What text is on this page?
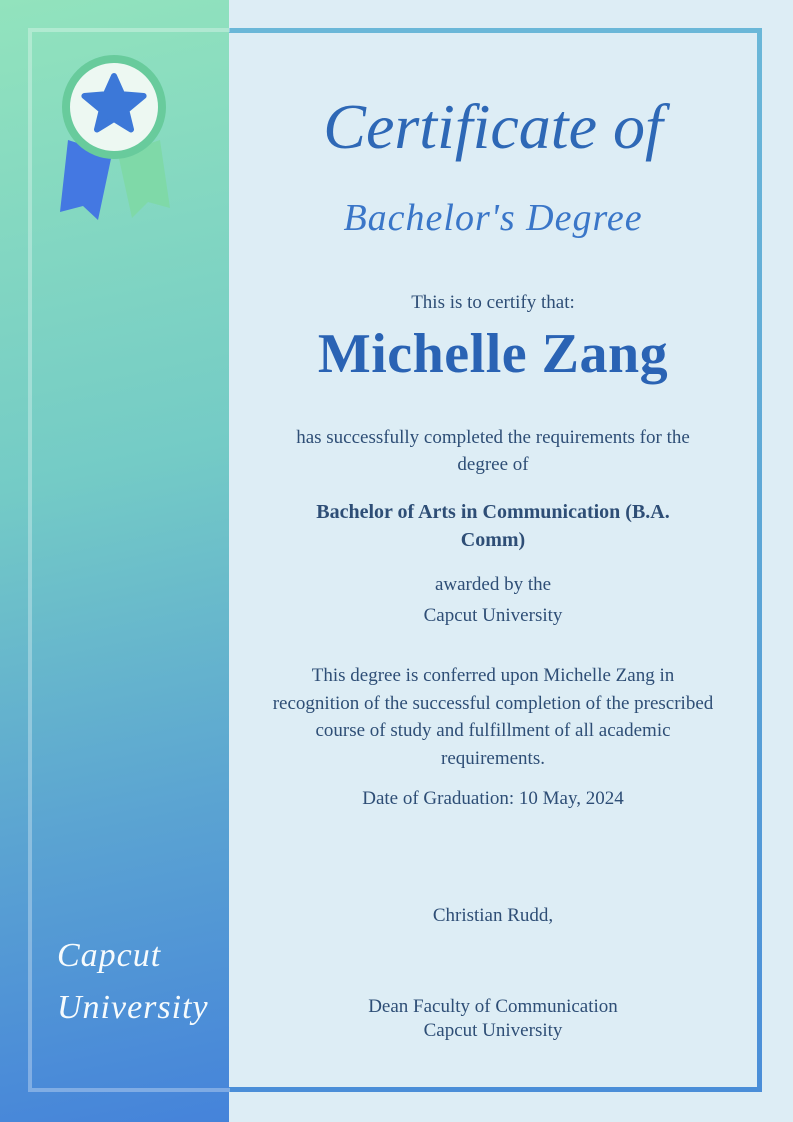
Capcut
University
Certificate of
Bachelor's Degree
This is to certify that:
Michelle Zang
has successfully completed the requirements for the degree of
Bachelor of Arts in Communication (B.A. Comm)
awarded by the
Capcut University
This degree is conferred upon Michelle Zang in recognition of the successful completion of the prescribed course of study and fulfillment of all academic requirements.
Date of Graduation: 10 May, 2024
Christian Rudd,
Dean Faculty of Communication
Capcut University
